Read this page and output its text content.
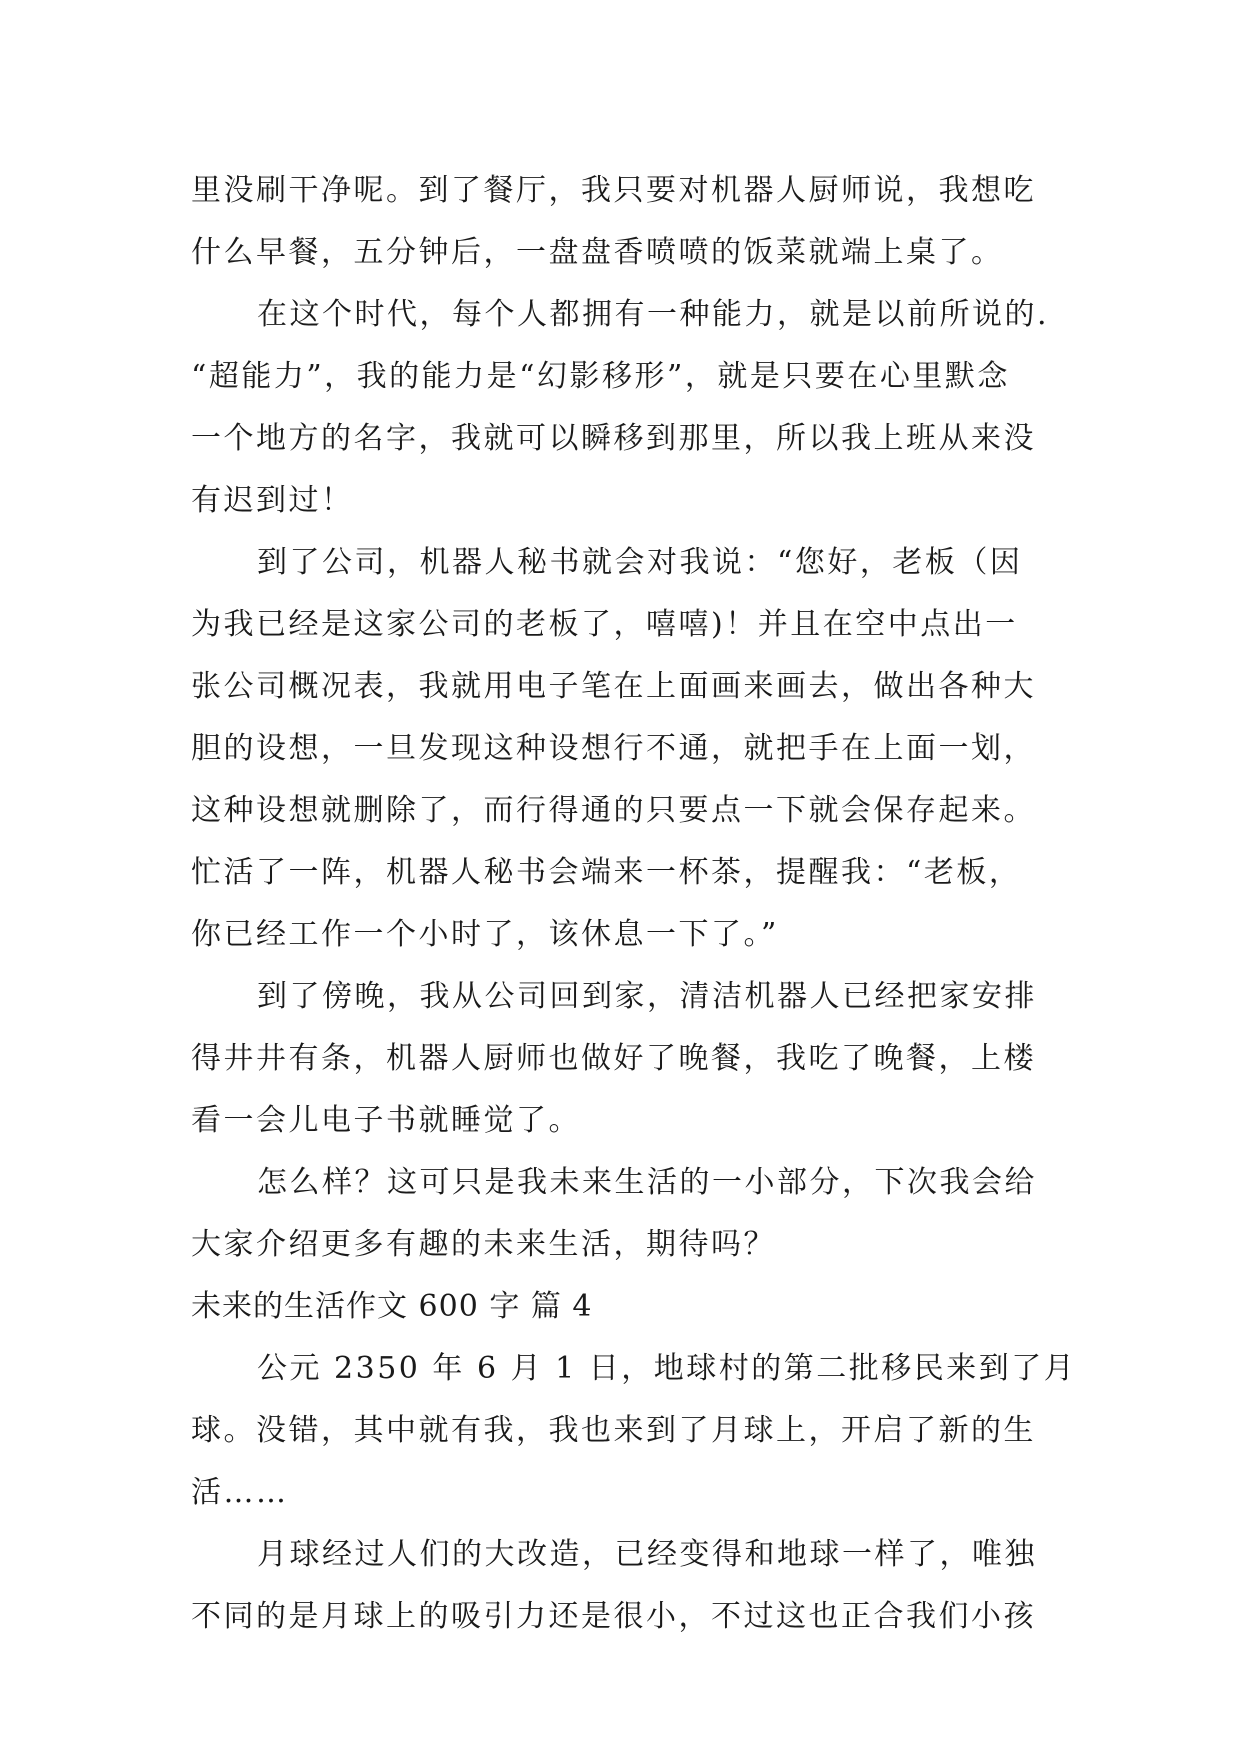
里没刷干净呢。到了餐厅，我只要对机器人厨师说，我想吃
什么早餐，五分钟后，一盘盘香喷喷的饭菜就端上桌了。
在这个时代，每个人都拥有一种能力，就是以前所说的.
“超能力”，我的能力是“幻影移形”，就是只要在心里默念
一个地方的名字，我就可以瞬移到那里，所以我上班从来没
有迟到过！
到了公司，机器人秘书就会对我说：“您好，老板（因
为我已经是这家公司的老板了，嘻嘻)！并且在空中点出一
张公司概况表，我就用电子笔在上面画来画去，做出各种大
胆的设想，一旦发现这种设想行不通，就把手在上面一划，
这种设想就删除了，而行得通的只要点一下就会保存起来。
忙活了一阵，机器人秘书会端来一杯茶，提醒我：“老板，
你已经工作一个小时了，该休息一下了。”
到了傍晚，我从公司回到家，清洁机器人已经把家安排
得井井有条，机器人厨师也做好了晚餐，我吃了晚餐，上楼
看一会儿电子书就睡觉了。
怎么样？这可只是我未来生活的一小部分，下次我会给
大家介绍更多有趣的未来生活，期待吗？
未来的生活作文 600 字 篇 4
公元 2350 年 6 月 1 日，地球村的第二批移民来到了月
球。没错，其中就有我，我也来到了月球上，开启了新的生
活……
月球经过人们的大改造，已经变得和地球一样了，唯独
不同的是月球上的吸引力还是很小，不过这也正合我们小孩
